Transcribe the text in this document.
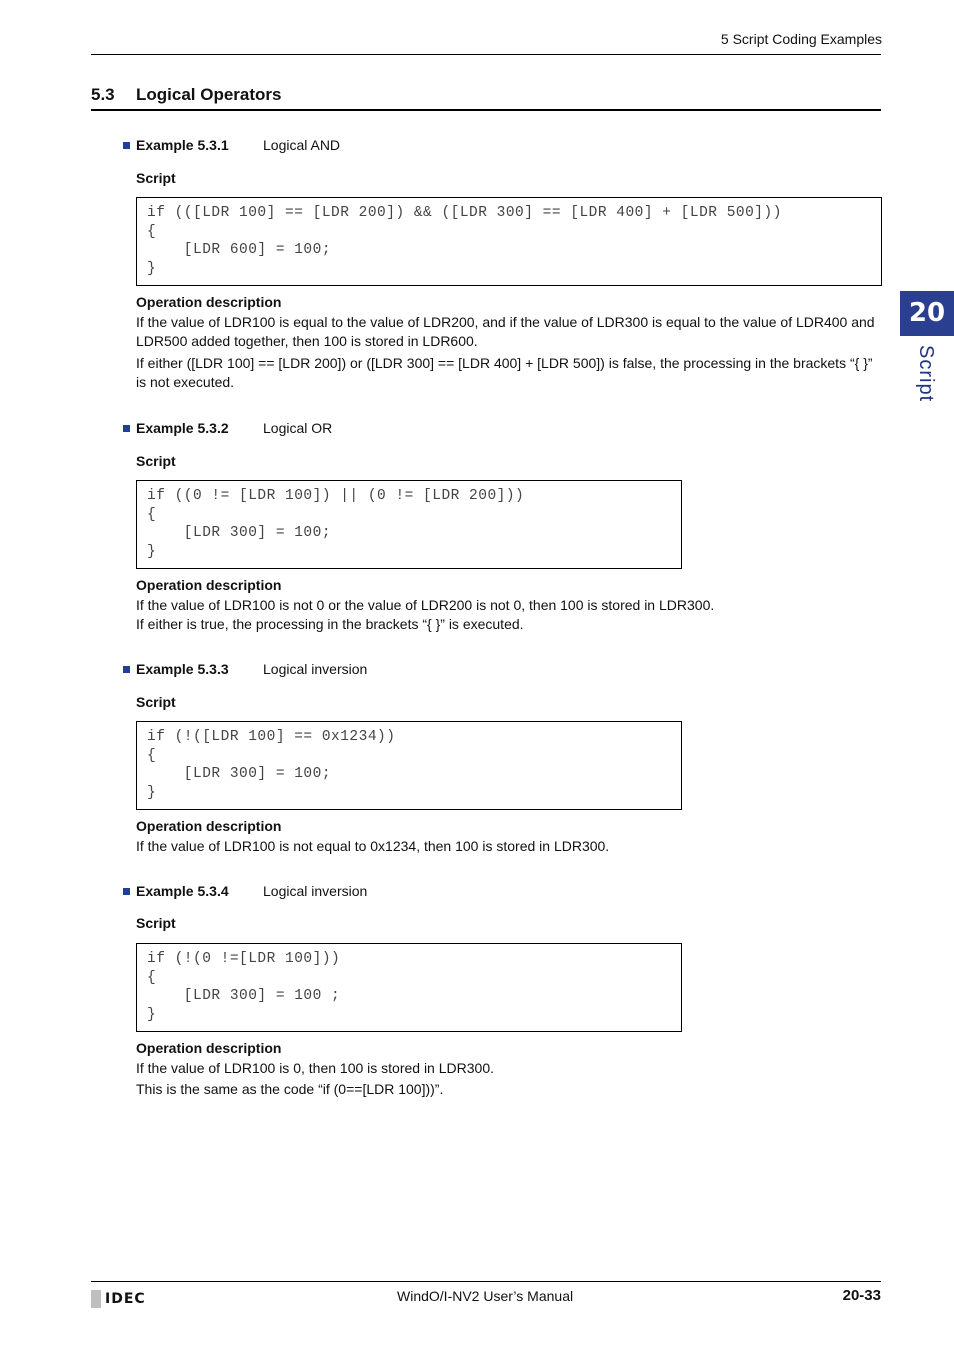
5 Script Coding Examples
5.3 Logical Operators
20
Script
Example 5.3.1 Logical AND
Script
if (([LDR 100] == [LDR 200]) && ([LDR 300] == [LDR 400] + [LDR 500]))
{
[LDR 600] = 100;
}
Operation description

If the value of LDR100 is equal to the value of LDR200, and if the value of LDR300 is equal to the value of LDR400 and LDR500 added together, then 100 is stored in LDR600.

If either ([LDR 100] == [LDR 200]) or ([LDR 300] == [LDR 400] + [LDR 500]) is false, the processing in the brackets “{ }” is not executed.

Example 5.3.2 Logical OR
Script
if ((0 != [LDR 100]) || (0 != [LDR 200]))
{
[LDR 300] = 100;
}
Operation description

If the value of LDR100 is not 0 or the value of LDR200 is not 0, then 100 is stored in LDR300.

If either is true, the processing in the brackets “{ }” is executed.

Example 5.3.3 Logical inversion
Script
if (!([LDR 100] == 0x1234))
{
[LDR 300] = 100;
}
Operation description

If the value of LDR100 is not equal to 0x1234, then 100 is stored in LDR300.

Example 5.3.4 Logical inversion
Script
if (!(0 !=[LDR 100]))
{
[LDR 300] = 100 ;
}
Operation description

If the value of LDR100 is 0, then 100 is stored in LDR300.

This is the same as the code “if (0==[LDR 100]))”.

IDEC	WindO/I-NV2 User’s Manual	20-33
